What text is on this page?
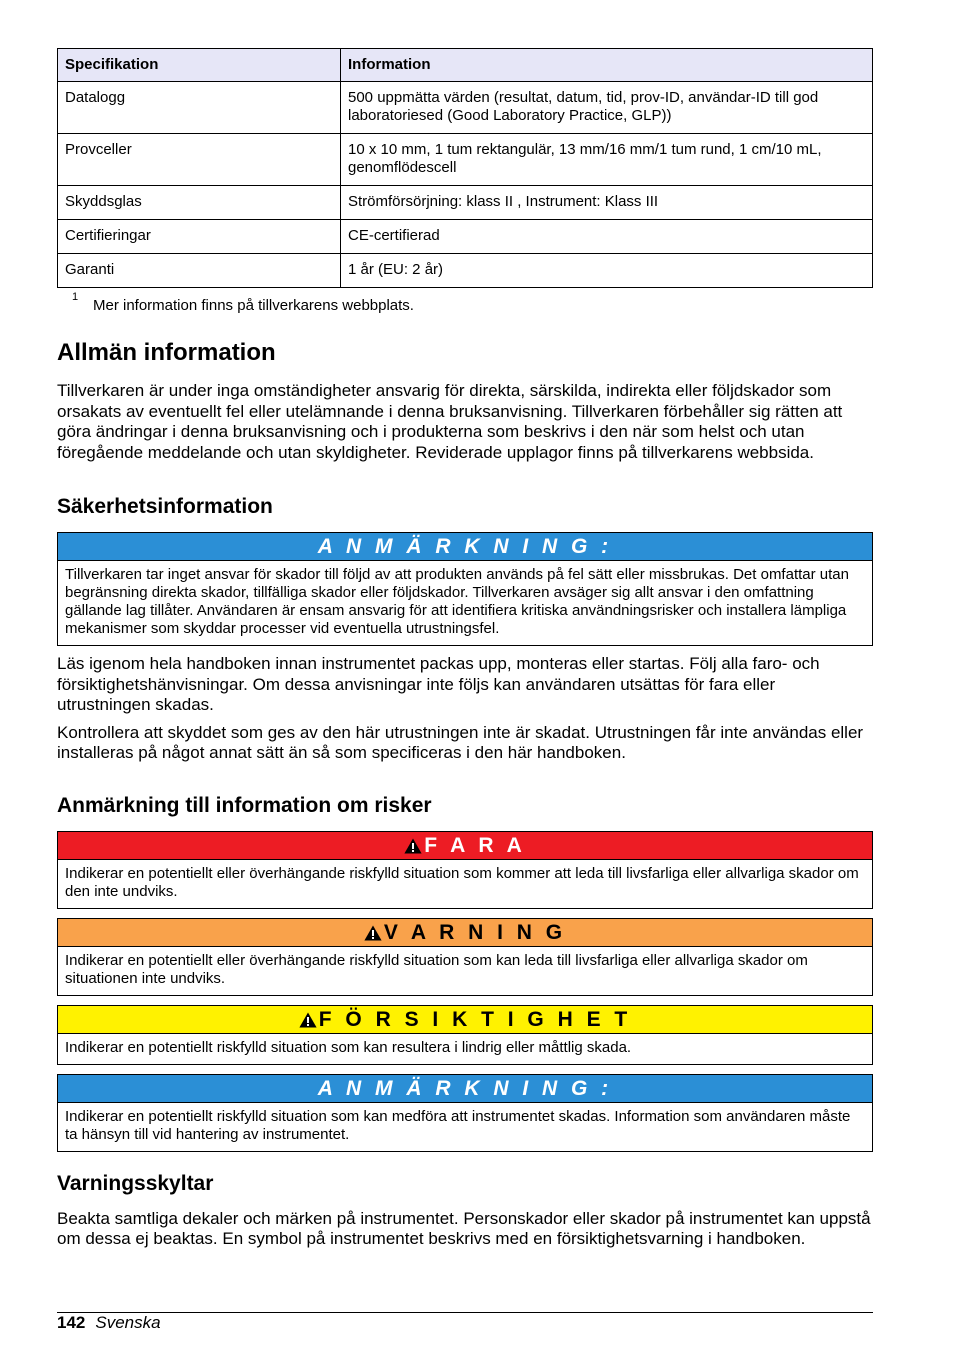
Specifikation	Information
Datalogg	500 uppmätta värden (resultat, datum, tid, prov-ID, användar-ID till god laboratoriesed (Good Laboratory Practice, GLP))
Provceller	10 x 10 mm, 1 tum rektangulär, 13 mm/16 mm/1 tum rund, 1 cm/10 mL, genomflödescell
Skyddsglas	Strömförsörjning: klass II , Instrument: Klass III
Certifieringar	CE-certifierad
Garanti	1 år (EU: 2 år)
1 Mer information finns på tillverkarens webbplats.
Allmän information

Tillverkaren är under inga omständigheter ansvarig för direkta, särskilda, indirekta eller följdskador som orsakats av eventuellt fel eller utelämnande i denna bruksanvisning. Tillverkaren förbehåller sig rätten att göra ändringar i denna bruksanvisning och i produkterna som beskrivs i den när som helst och utan föregående meddelande och utan skyldigheter. Reviderade upplagor finns på tillverkarens webbsida.

Säkerhetsinformation
A N M Ä R K N I N G :
Tillverkaren tar inget ansvar för skador till följd av att produkten används på fel sätt eller missbrukas. Det omfattar utan begränsning direkta skador, tillfälliga skador eller följdskador. Tillverkaren avsäger sig allt ansvar i den omfattning gällande lag tillåter. Användaren är ensam ansvarig för att identifiera kritiska användningsrisker och installera lämpliga mekanismer som skyddar processer vid eventuella utrustningsfel.

Läs igenom hela handboken innan instrumentet packas upp, monteras eller startas. Följ alla faro- och försiktighetshänvisningar. Om dessa anvisningar inte följs kan användaren utsättas för fara eller utrustningen skadas.

Kontrollera att skyddet som ges av den här utrustningen inte är skadat. Utrustningen får inte användas eller installeras på något annat sätt än så som specificeras i den här handboken.

Anmärkning till information om risker
F A R A
Indikerar en potentiellt eller överhängande riskfylld situation som kommer att leda till livsfarliga eller allvarliga skador om den inte undviks.
V A R N I N G
Indikerar en potentiellt eller överhängande riskfylld situation som kan leda till livsfarliga eller allvarliga skador om situationen inte undviks.
F Ö R S I K T I G H E T
Indikerar en potentiellt riskfylld situation som kan resultera i lindrig eller måttlig skada.
A N M Ä R K N I N G :
Indikerar en potentiellt riskfylld situation som kan medföra att instrumentet skadas. Information som användaren måste ta hänsyn till vid hantering av instrumentet.
Varningsskyltar

Beakta samtliga dekaler och märken på instrumentet. Personskador eller skador på instrumentet kan uppstå om dessa ej beaktas. En symbol på instrumentet beskrivs med en försiktighetsvarning i handboken.

142 Svenska
